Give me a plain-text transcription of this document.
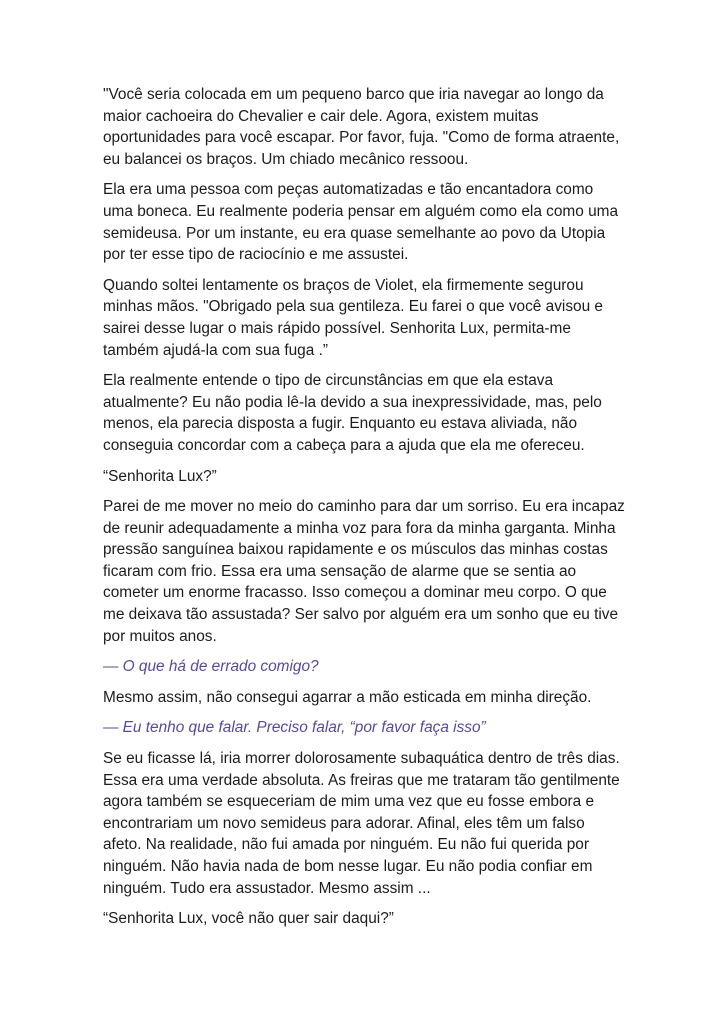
"Você seria colocada em um pequeno barco que iria navegar ao longo da maior cachoeira do Chevalier e cair dele. Agora, existem muitas oportunidades para você escapar. Por favor, fuja. "Como de forma atraente, eu balancei os braços. Um chiado mecânico ressoou.

Ela era uma pessoa com peças automatizadas e tão encantadora como uma boneca. Eu realmente poderia pensar em alguém como ela como uma semideusa. Por um instante, eu era quase semelhante ao povo da Utopia por ter esse tipo de raciocínio e me assustei.

Quando soltei lentamente os braços de Violet, ela firmemente segurou minhas mãos. "Obrigado pela sua gentileza. Eu farei o que você avisou e sairei desse lugar o mais rápido possível. Senhorita Lux, permita-me também ajudá-la com sua fuga .”

Ela realmente entende o tipo de circunstâncias em que ela estava atualmente? Eu não podia lê-la devido a sua inexpressividade, mas, pelo menos, ela parecia disposta a fugir. Enquanto eu estava aliviada, não conseguia concordar com a cabeça para a ajuda que ela me ofereceu.

“Senhorita Lux?”

Parei de me mover no meio do caminho para dar um sorriso. Eu era incapaz de reunir adequadamente a minha voz para fora da minha garganta. Minha pressão sanguínea baixou rapidamente e os músculos das minhas costas ficaram com frio. Essa era uma sensação de alarme que se sentia ao cometer um enorme fracasso. Isso começou a dominar meu corpo. O que me deixava tão assustada? Ser salvo por alguém era um sonho que eu tive por muitos anos.

— O que há de errado comigo?

Mesmo assim, não consegui agarrar a mão esticada em minha direção.

— Eu tenho que falar. Preciso falar, “por favor faça isso”

Se eu ficasse lá, iria morrer dolorosamente subaquática dentro de três dias. Essa era uma verdade absoluta. As freiras que me trataram tão gentilmente agora também se esqueceriam de mim uma vez que eu fosse embora e encontrariam um novo semideus para adorar. Afinal, eles têm um falso afeto. Na realidade, não fui amada por ninguém. Eu não fui querida por ninguém. Não havia nada de bom nesse lugar. Eu não podia confiar em ninguém. Tudo era assustador. Mesmo assim ...

“Senhorita Lux, você não quer sair daqui?”
